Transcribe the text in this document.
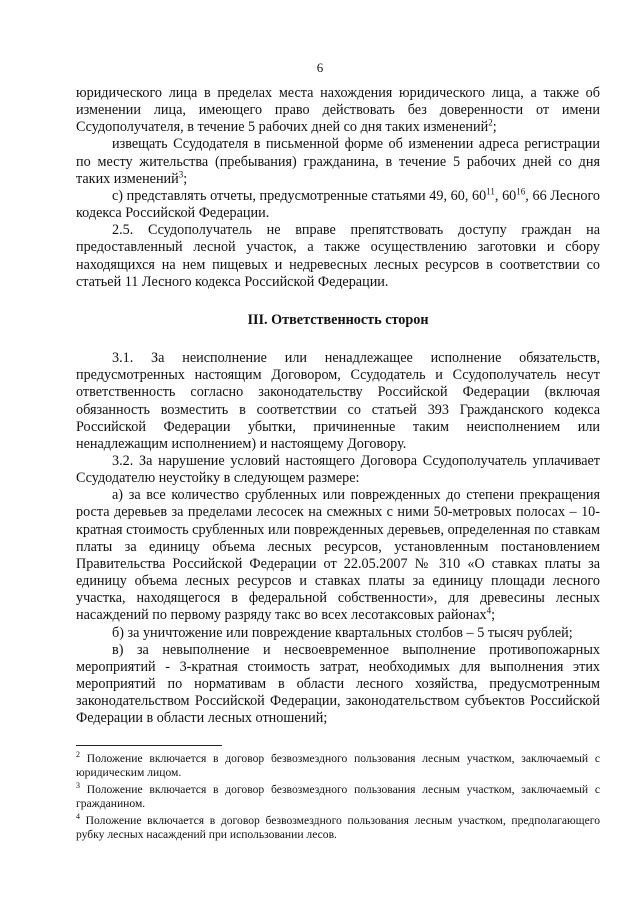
6

юридического лица в пределах места нахождения юридического лица, а также об изменении лица, имеющего право действовать без доверенности от имени Ссудополучателя, в течение 5 рабочих дней со дня таких изменений$^2$;

извещать Ссудодателя в письменной форме об изменении адреса регистрации по месту жительства (пребывания) гражданина, в течение 5 рабочих дней со дня таких изменений$^3$;

с) представлять отчеты, предусмотренные статьями 49, 60, $60^{11}$, $60^{16}$, 66 Лесного кодекса Российской Федерации.

2.5. Ссудополучатель не вправе препятствовать доступу граждан на предоставленный лесной участок, а также осуществлению заготовки и сбору находящихся на нем пищевых и недревесных лесных ресурсов в соответствии со статьей 11 Лесного кодекса Российской Федерации.

III. Ответственность сторон

3.1. За неисполнение или ненадлежащее исполнение обязательств, предусмотренных настоящим Договором, Ссудодатель и Ссудополучатель несут ответственность согласно законодательству Российской Федерации (включая обязанность возместить в соответствии со статьей 393 Гражданского кодекса Российской Федерации убытки, причиненные таким неисполнением или ненадлежащим исполнением) и настоящему Договору.

3.2. За нарушение условий настоящего Договора Ссудополучатель уплачивает Ссудодателю неустойку в следующем размере:

а) за все количество срубленных или поврежденных до степени прекращения роста деревьев за пределами лесосек на смежных с ними 50-метровых полосах – 10-кратная стоимость срубленных или поврежденных деревьев, определенная по ставкам платы за единицу объема лесных ресурсов, установленным постановлением Правительства Российской Федерации от 22.05.2007 № 310 «О ставках платы за единицу объема лесных ресурсов и ставках платы за единицу площади лесного участка, находящегося в федеральной собственности», для древесины лесных насаждений по первому разряду такс во всех лесотаксовых районах$^4$;

б) за уничтожение или повреждение квартальных столбов – 5 тысяч рублей;

в) за невыполнение и несвоевременное выполнение противопожарных мероприятий - 3-кратная стоимость затрат, необходимых для выполнения этих мероприятий по нормативам в области лесного хозяйства, предусмотренным законодательством Российской Федерации, законодательством субъектов Российской Федерации в области лесных отношений;

$^2$ Положение включается в договор безвозмездного пользования лесным участком, заключаемый с юридическим лицом.

$^3$ Положение включается в договор безвозмездного пользования лесным участком, заключаемый с гражданином.

$^4$ Положение включается в договор безвозмездного пользования лесным участком, предполагающего рубку лесных насаждений при использовании лесов.
